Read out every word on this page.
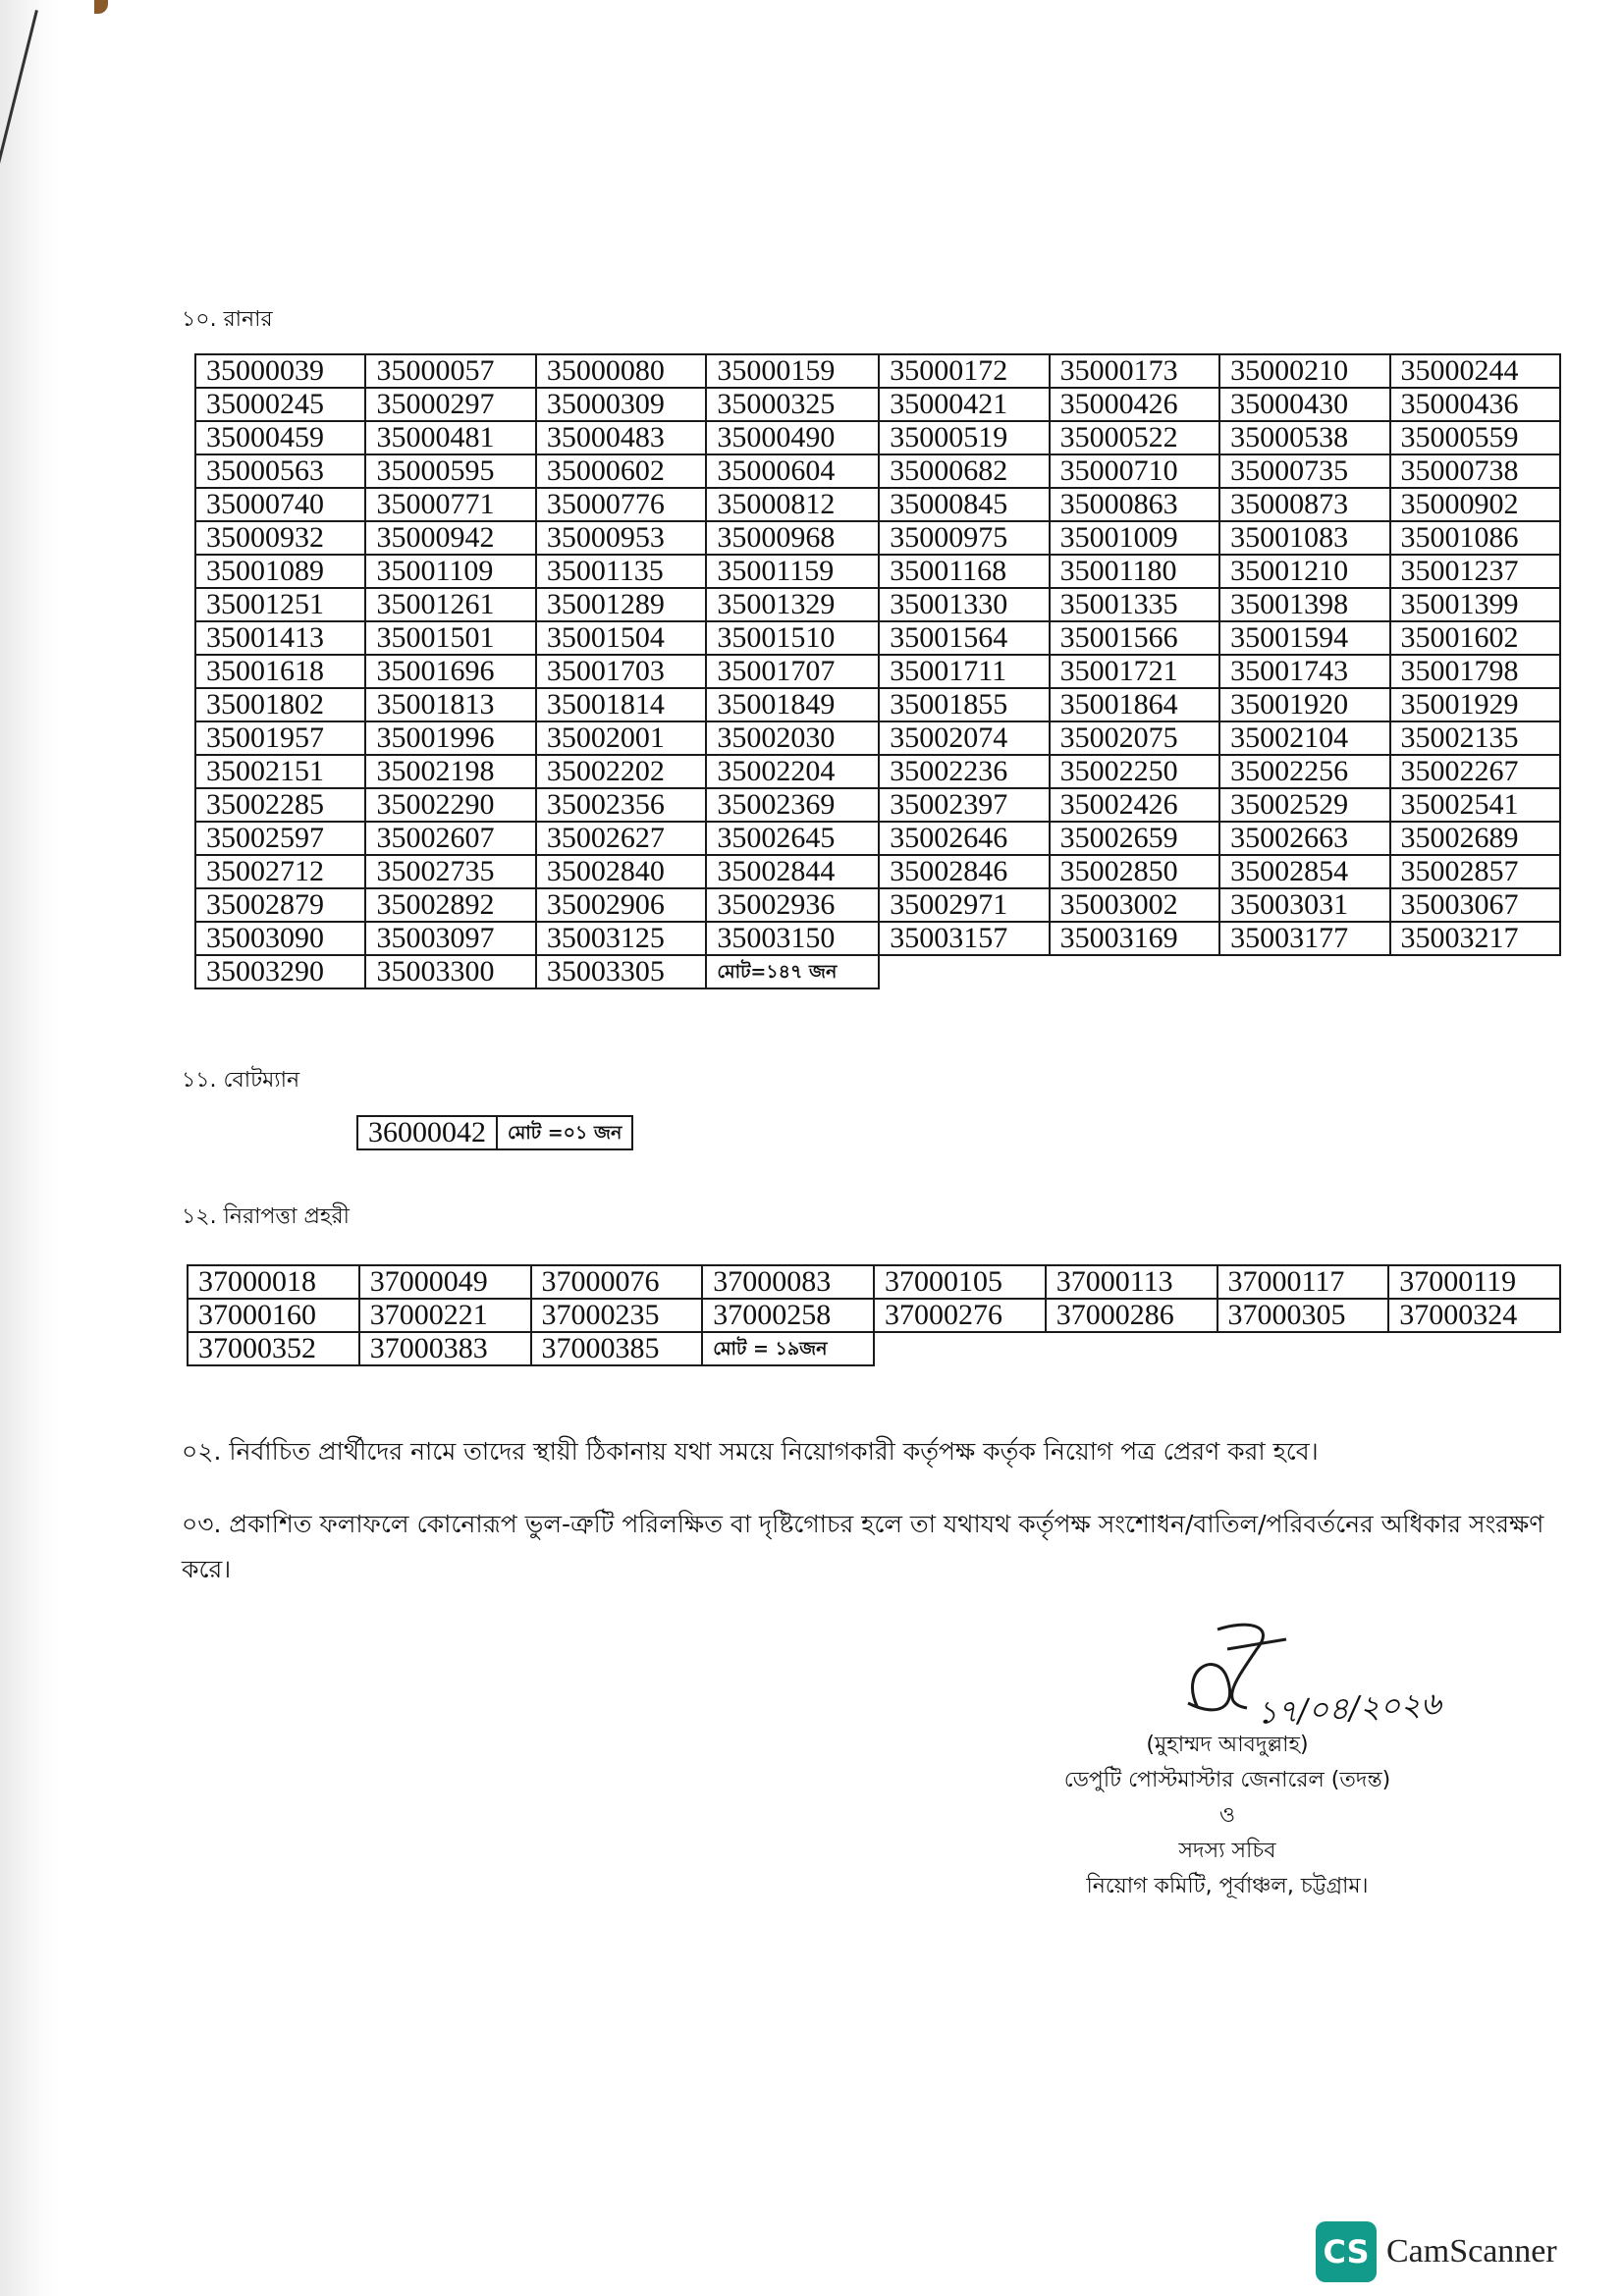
১০. রানার
35000039	35000057	35000080	35000159	35000172	35000173	35000210	35000244
35000245	35000297	35000309	35000325	35000421	35000426	35000430	35000436
35000459	35000481	35000483	35000490	35000519	35000522	35000538	35000559
35000563	35000595	35000602	35000604	35000682	35000710	35000735	35000738
35000740	35000771	35000776	35000812	35000845	35000863	35000873	35000902
35000932	35000942	35000953	35000968	35000975	35001009	35001083	35001086
35001089	35001109	35001135	35001159	35001168	35001180	35001210	35001237
35001251	35001261	35001289	35001329	35001330	35001335	35001398	35001399
35001413	35001501	35001504	35001510	35001564	35001566	35001594	35001602
35001618	35001696	35001703	35001707	35001711	35001721	35001743	35001798
35001802	35001813	35001814	35001849	35001855	35001864	35001920	35001929
35001957	35001996	35002001	35002030	35002074	35002075	35002104	35002135
35002151	35002198	35002202	35002204	35002236	35002250	35002256	35002267
35002285	35002290	35002356	35002369	35002397	35002426	35002529	35002541
35002597	35002607	35002627	35002645	35002646	35002659	35002663	35002689
35002712	35002735	35002840	35002844	35002846	35002850	35002854	35002857
35002879	35002892	35002906	35002936	35002971	35003002	35003031	35003067
35003090	35003097	35003125	35003150	35003157	35003169	35003177	35003217
35003290	35003300	35003305	মোট=১৪৭ জন				
১১. বোটম্যান
36000042	মোট =০১ জন
১২. নিরাপত্তা প্রহরী
37000018	37000049	37000076	37000083	37000105	37000113	37000117	37000119
37000160	37000221	37000235	37000258	37000276	37000286	37000305	37000324
37000352	37000383	37000385	মোট = ১৯জন				
০২. নির্বাচিত প্রার্থীদের নামে তাদের স্থায়ী ঠিকানায় যথা সময়ে নিয়োগকারী কর্তৃপক্ষ কর্তৃক নিয়োগ পত্র প্রেরণ করা হবে।
০৩. প্রকাশিত ফলাফলে কোনোরূপ ভুল-ত্রুটি পরিলক্ষিত বা দৃষ্টিগোচর হলে তা যথাযথ কর্তৃপক্ষ সংশোধন/বাতিল/পরিবর্তনের অধিকার সংরক্ষণ করে।
১৭/০৪/২০২৬
(মুহাম্মদ আবদুল্লাহ)
ডেপুটি পোস্টমাস্টার জেনারেল (তদন্ত)
ও
সদস্য সচিব
নিয়োগ কমিটি, পূর্বাঞ্চল, চট্টগ্রাম।
CS CamScanner
